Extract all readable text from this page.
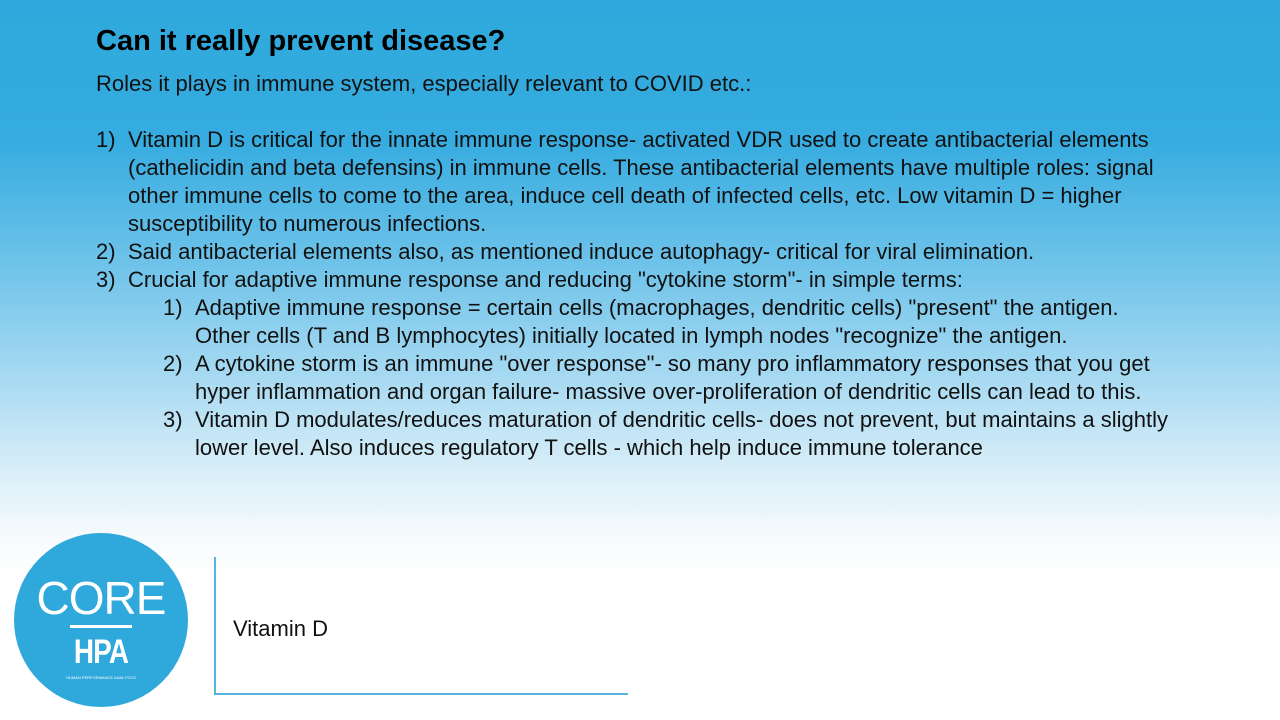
Can it really prevent disease?

Roles it plays in immune system, especially relevant to COVID etc.:

1) Vitamin D is critical for the innate immune response- activated VDR used to create antibacterial elements (cathelicidin and beta defensins) in immune cells. These antibacterial elements have multiple roles: signal other immune cells to come to the area, induce cell death of infected cells, etc. Low vitamin D = higher susceptibility to numerous infections.
2) Said antibacterial elements also, as mentioned induce autophagy- critical for viral elimination.
3) Crucial for adaptive immune response and reducing "cytokine storm"- in simple terms:
1) Adaptive immune response = certain cells (macrophages, dendritic cells) "present" the antigen. Other cells (T and B lymphocytes) initially located in lymph nodes "recognize" the antigen.
2) A cytokine storm is an immune "over response"- so many pro inflammatory responses that you get hyper inflammation and organ failure- massive over-proliferation of dendritic cells can lead to this.
3) Vitamin D modulates/reduces maturation of dendritic cells- does not prevent, but maintains a slightly lower level. Also induces regulatory T cells - which help induce immune tolerance
CORE
HPA
HUMAN PERFORMANCE ANALYTICS

Vitamin D
